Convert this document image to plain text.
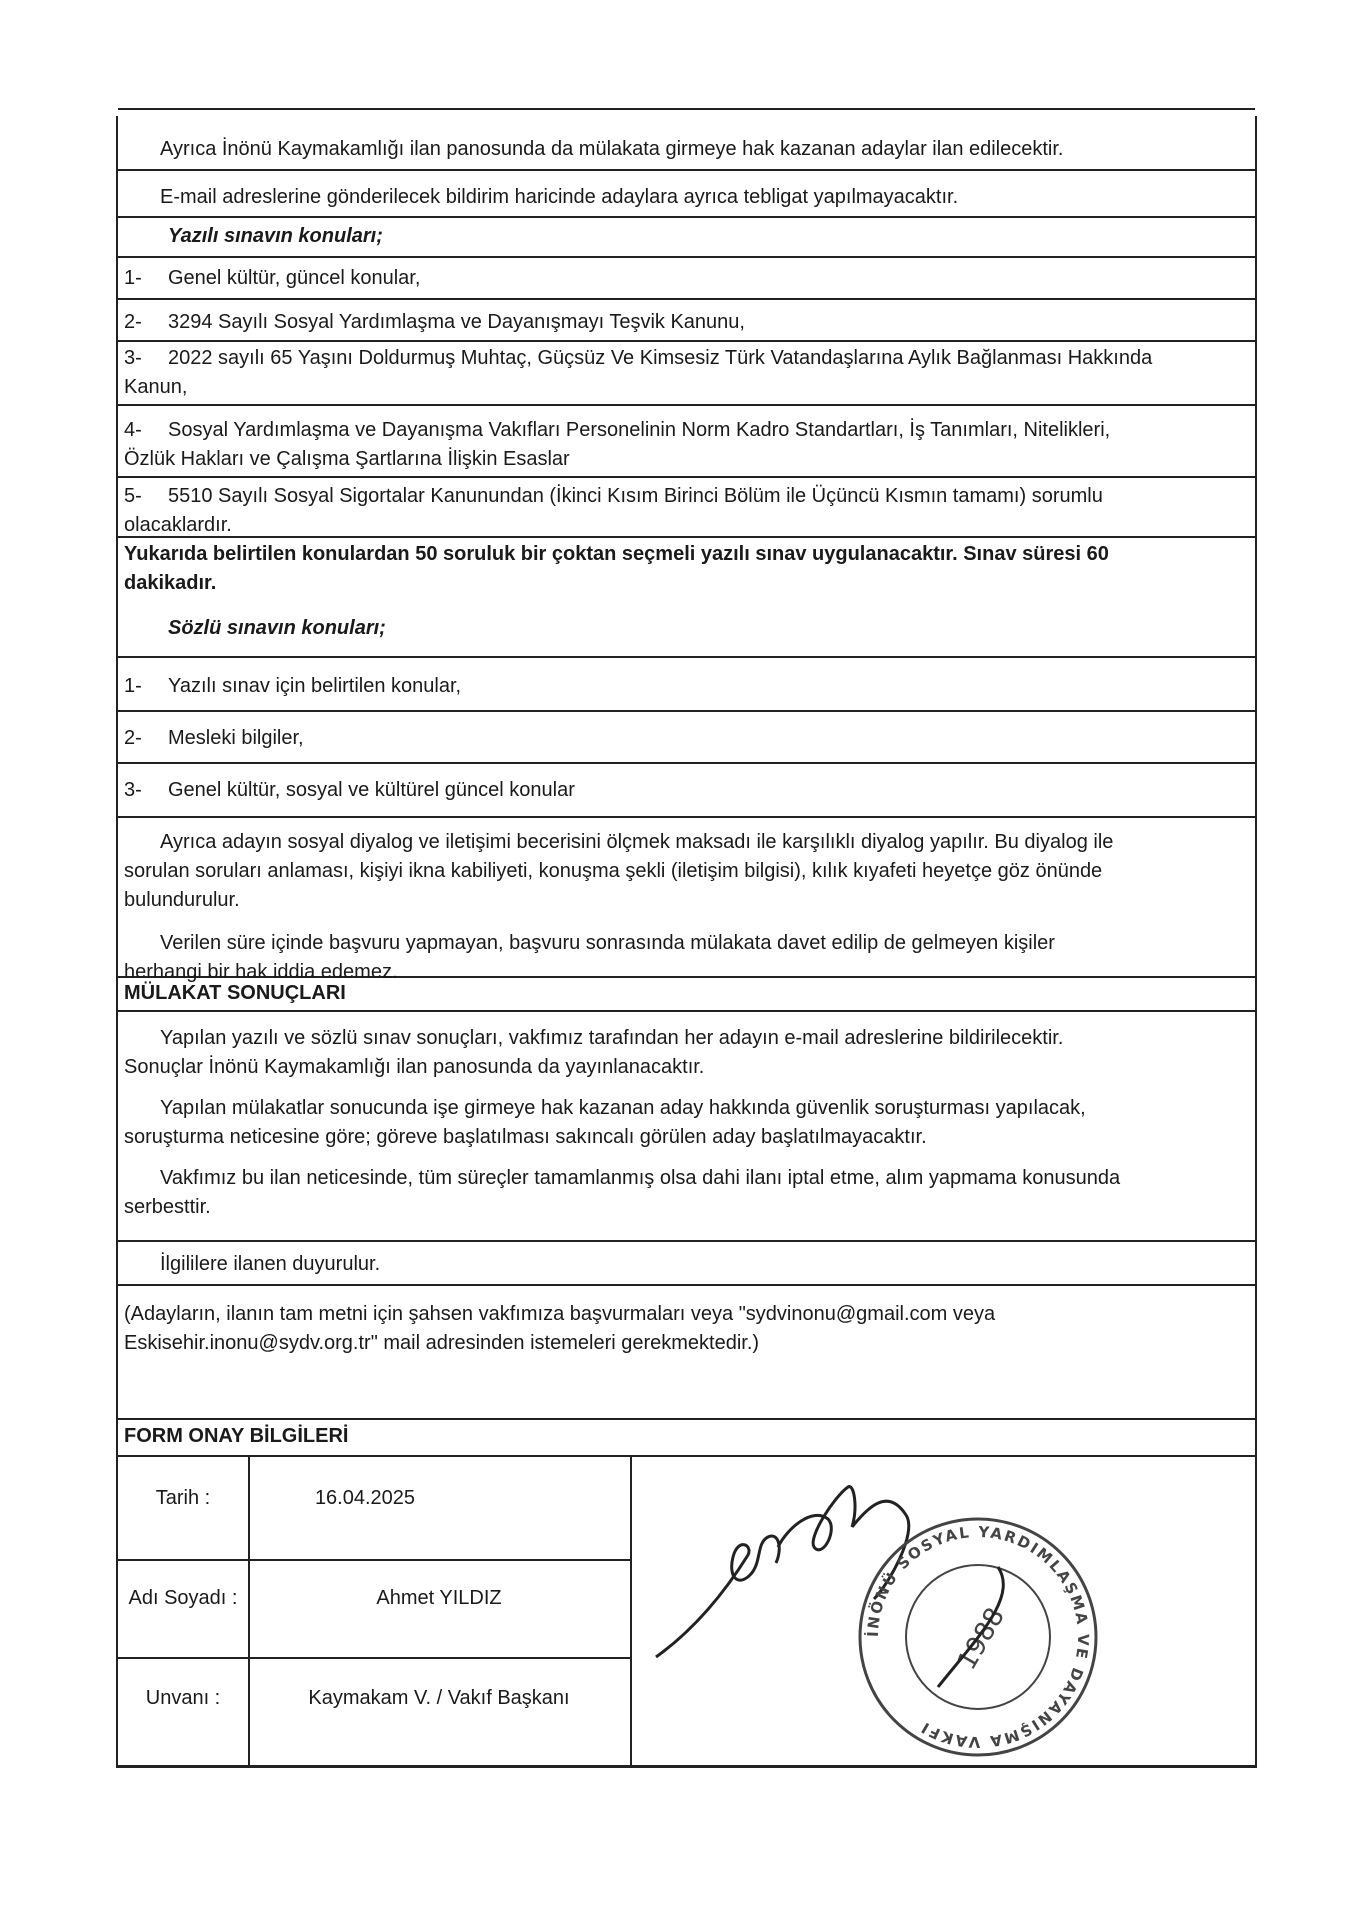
Ayrıca İnönü Kaymakamlığı ilan panosunda da mülakata girmeye hak kazanan adaylar ilan edilecektir.
E-mail adreslerine gönderilecek bildirim haricinde adaylara ayrıca tebligat yapılmayacaktır.
Yazılı sınavın konuları;
1- Genel kültür, güncel konular,
2- 3294 Sayılı Sosyal Yardımlaşma ve Dayanışmayı Teşvik Kanunu,
3- 2022 sayılı 65 Yaşını Doldurmuş Muhtaç, Güçsüz Ve Kimsesiz Türk Vatandaşlarına Aylık Bağlanması Hakkında
Kanun,
4- Sosyal Yardımlaşma ve Dayanışma Vakıfları Personelinin Norm Kadro Standartları, İş Tanımları, Nitelikleri,
Özlük Hakları ve Çalışma Şartlarına İlişkin Esaslar
5- 5510 Sayılı Sosyal Sigortalar Kanunundan (İkinci Kısım Birinci Bölüm ile Üçüncü Kısmın tamamı) sorumlu
olacaklardır.
Yukarıda belirtilen konulardan 50 soruluk bir çoktan seçmeli yazılı sınav uygulanacaktır. Sınav süresi 60
dakikadır.
Sözlü sınavın konuları;
1- Yazılı sınav için belirtilen konular,
2- Mesleki bilgiler,
3- Genel kültür, sosyal ve kültürel güncel konular
Ayrıca adayın sosyal diyalog ve iletişimi becerisini ölçmek maksadı ile karşılıklı diyalog yapılır. Bu diyalog ile
sorulan soruları anlaması, kişiyi ikna kabiliyeti, konuşma şekli (iletişim bilgisi), kılık kıyafeti heyetçe göz önünde
bulundurulur.
Verilen süre içinde başvuru yapmayan, başvuru sonrasında mülakata davet edilip de gelmeyen kişiler
herhangi bir hak iddia edemez.
MÜLAKAT SONUÇLARI
Yapılan yazılı ve sözlü sınav sonuçları, vakfımız tarafından her adayın e-mail adreslerine bildirilecektir.
Sonuçlar İnönü Kaymakamlığı ilan panosunda da yayınlanacaktır.
Yapılan mülakatlar sonucunda işe girmeye hak kazanan aday hakkında güvenlik soruşturması yapılacak,
soruşturma neticesine göre; göreve başlatılması sakıncalı görülen aday başlatılmayacaktır.
Vakfımız bu ilan neticesinde, tüm süreçler tamamlanmış olsa dahi ilanı iptal etme, alım yapmama konusunda
serbesttir.
İlgililere ilanen duyurulur.
(Adayların, ilanın tam metni için şahsen vakfımıza başvurmaları veya "sydvinonu@gmail.com veya
Eskisehir.inonu@sydv.org.tr" mail adresinden istemeleri gerekmektedir.)
FORM ONAY BİLGİLERİ
Tarih :	16.04.2025
Adı Soyadı :	Ahmet YILDIZ
Unvanı :	Kaymakam V. / Vakıf Başkanı
İNÖNÜ SOSYAL YARDIMLAŞMA VE DAYANIŞMA VAKFI
1988
